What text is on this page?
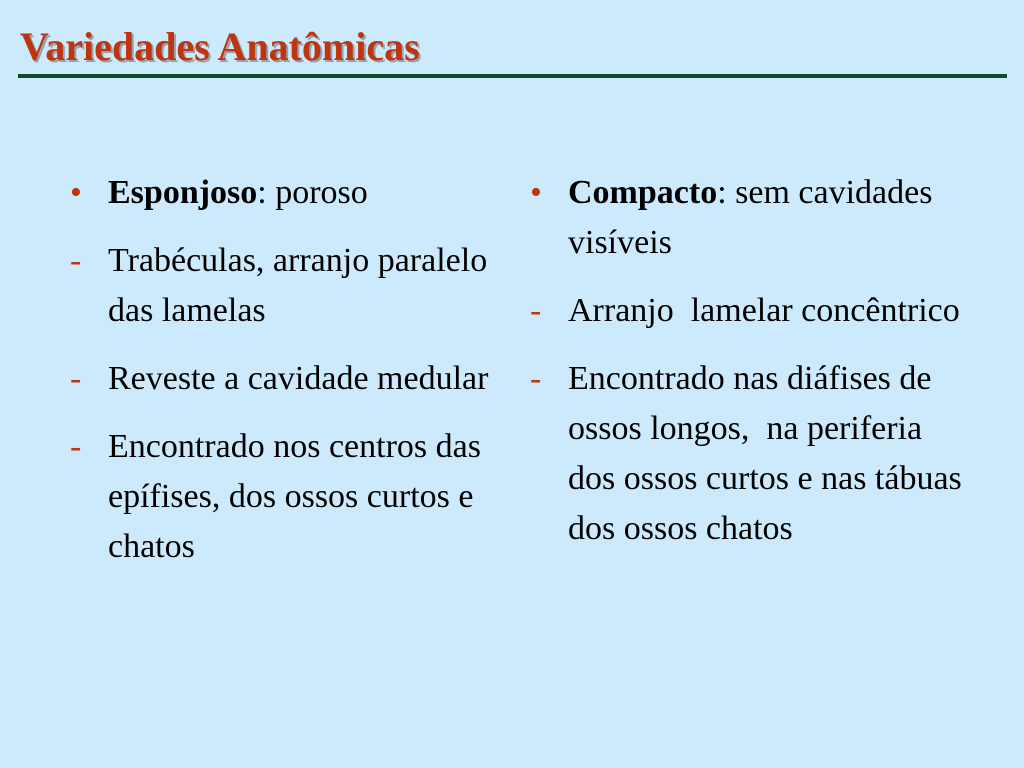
Variedades Anatômicas
• Esponjoso: poroso
- Trabéculas, arranjo paralelo das lamelas
- Reveste a cavidade medular
- Encontrado nos centros das epífises, dos ossos curtos e chatos
• Compacto: sem cavidades visíveis
- Arranjo  lamelar concêntrico
- Encontrado nas diáfises de ossos longos,  na periferia dos ossos curtos e nas tábuas dos ossos chatos
